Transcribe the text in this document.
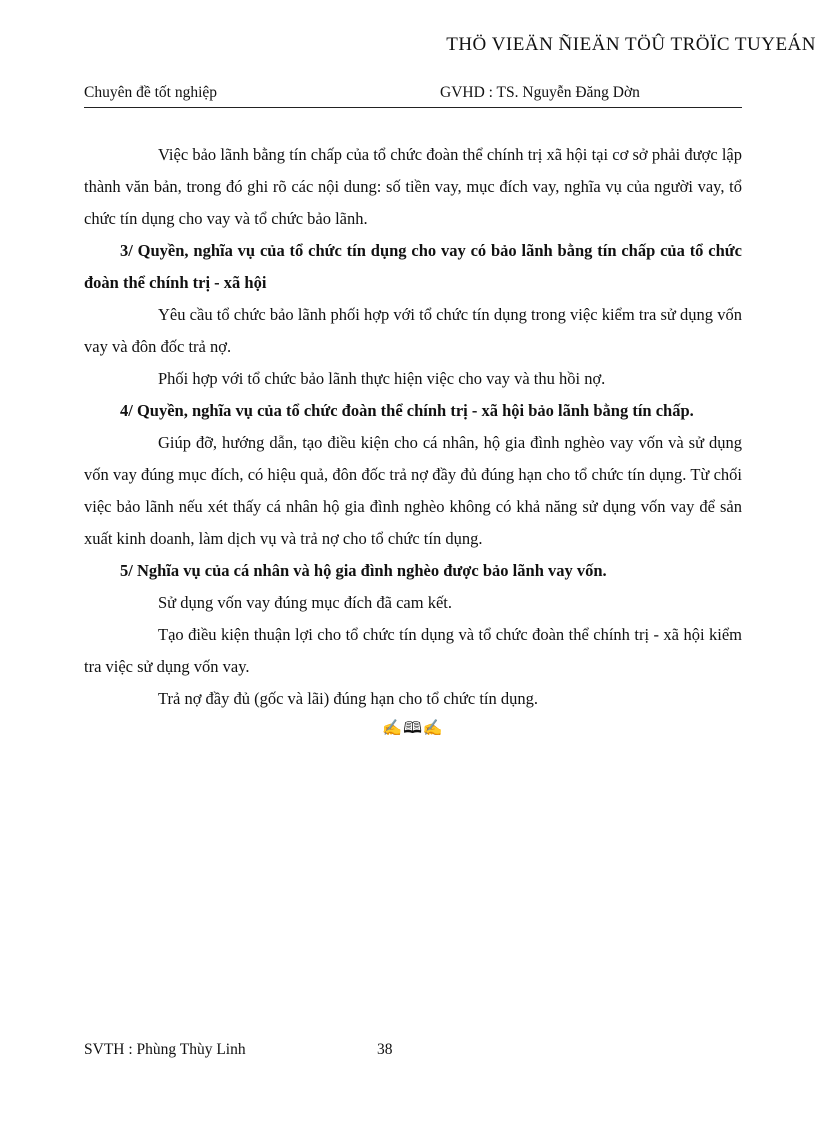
THÖ VIEÄN ÑIEÄN TÖÛ TRÖÏC TUYEÁN
Chuyên đề tốt nghiệp	GVHD : TS. Nguyễn Đăng Dờn

Việc bảo lãnh bằng tín chấp của tổ chức đoàn thể chính trị xã hội tại cơ sở phải được lập thành văn bản, trong đó ghi rõ các nội dung: số tiền vay, mục đích vay, nghĩa vụ của người vay, tổ chức tín dụng cho vay và tổ chức bảo lãnh.

3/ Quyền, nghĩa vụ của tổ chức tín dụng cho vay có bảo lãnh bằng tín chấp của tổ chức đoàn thể chính trị - xã hội

Yêu cầu tổ chức bảo lãnh phối hợp với tổ chức tín dụng trong việc kiểm tra sử dụng vốn vay và đôn đốc trả nợ.

Phối hợp với tổ chức bảo lãnh thực hiện việc cho vay và thu hồi nợ.

4/ Quyền, nghĩa vụ của tổ chức đoàn thể chính trị - xã hội bảo lãnh bằng tín chấp.

Giúp đỡ, hướng dẫn, tạo điều kiện cho cá nhân, hộ gia đình nghèo vay vốn và sử dụng vốn vay đúng mục đích, có hiệu quả, đôn đốc trả nợ đầy đủ đúng hạn cho tổ chức tín dụng. Từ chối việc bảo lãnh nếu xét thấy cá nhân hộ gia đình nghèo không có khả năng sử dụng vốn vay để sản xuất kinh doanh, làm dịch vụ và trả nợ cho tổ chức tín dụng.

5/ Nghĩa vụ của cá nhân và hộ gia đình nghèo được bảo lãnh vay vốn.

Sử dụng vốn vay đúng mục đích đã cam kết.

Tạo điều kiện thuận lợi cho tổ chức tín dụng và tổ chức đoàn thể chính trị - xã hội kiểm tra việc sử dụng vốn vay.

Trả nợ đầy đủ (gốc và lãi) đúng hạn cho tổ chức tín dụng.

✍🕮✍
SVTH : Phùng Thùy Linh	38
